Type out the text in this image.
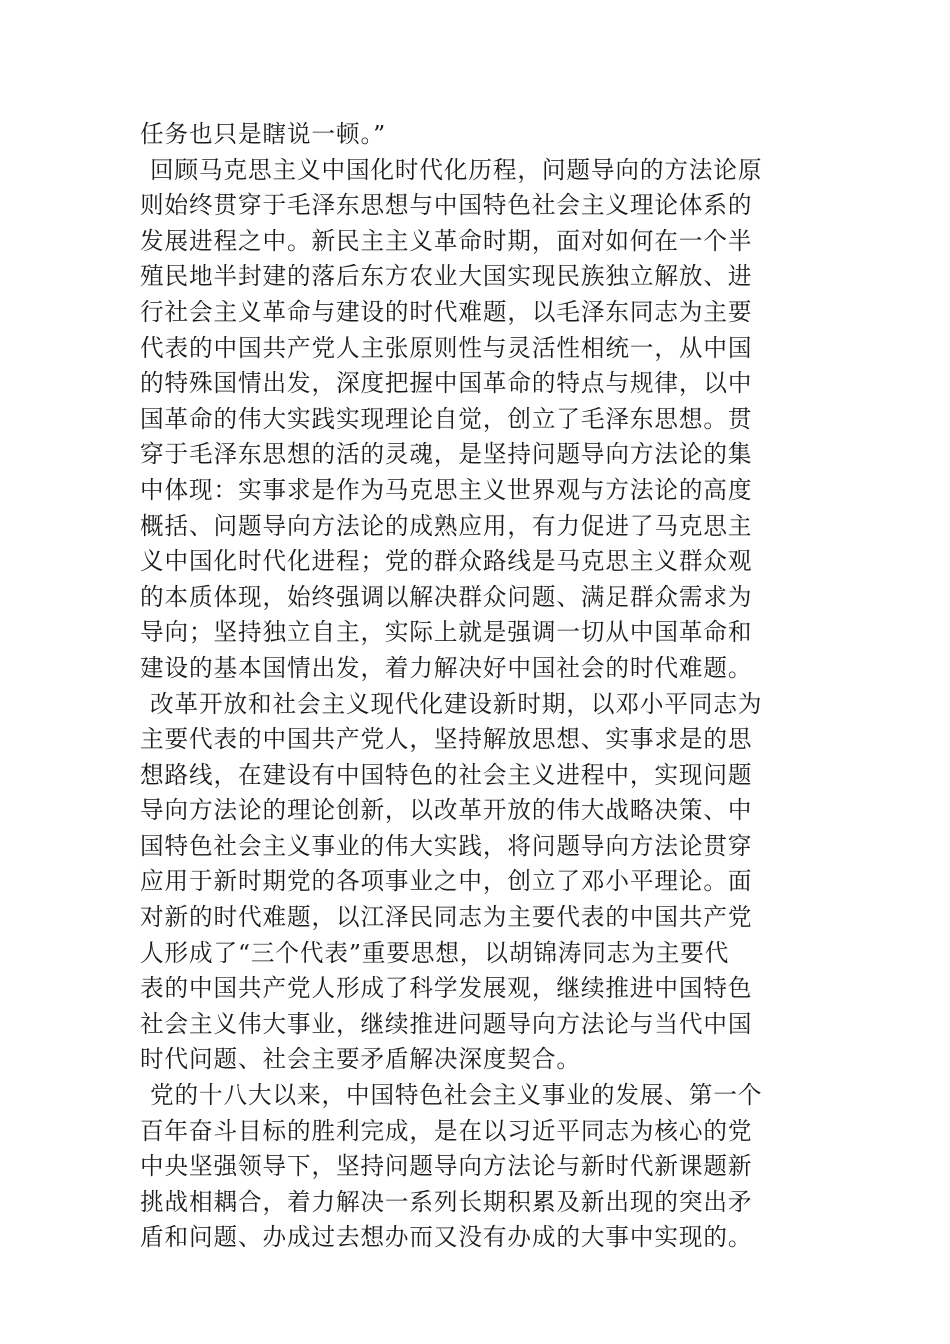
任务也只是瞎说一顿。”
回顾马克思主义中国化时代化历程，问题导向的方法论原
则始终贯穿于毛泽东思想与中国特色社会主义理论体系的
发展进程之中。新民主主义革命时期，面对如何在一个半
殖民地半封建的落后东方农业大国实现民族独立解放、进
行社会主义革命与建设的时代难题，以毛泽东同志为主要
代表的中国共产党人主张原则性与灵活性相统一，从中国
的特殊国情出发，深度把握中国革命的特点与规律，以中
国革命的伟大实践实现理论自觉，创立了毛泽东思想。贯
穿于毛泽东思想的活的灵魂，是坚持问题导向方法论的集
中体现：实事求是作为马克思主义世界观与方法论的高度
概括、问题导向方法论的成熟应用，有力促进了马克思主
义中国化时代化进程；党的群众路线是马克思主义群众观
的本质体现，始终强调以解决群众问题、满足群众需求为
导向；坚持独立自主，实际上就是强调一切从中国革命和
建设的基本国情出发，着力解决好中国社会的时代难题。
改革开放和社会主义现代化建设新时期，以邓小平同志为
主要代表的中国共产党人，坚持解放思想、实事求是的思
想路线，在建设有中国特色的社会主义进程中，实现问题
导向方法论的理论创新，以改革开放的伟大战略决策、中
国特色社会主义事业的伟大实践，将问题导向方法论贯穿
应用于新时期党的各项事业之中，创立了邓小平理论。面
对新的时代难题，以江泽民同志为主要代表的中国共产党
人形成了“三个代表”重要思想，以胡锦涛同志为主要代
表的中国共产党人形成了科学发展观，继续推进中国特色
社会主义伟大事业，继续推进问题导向方法论与当代中国
时代问题、社会主要矛盾解决深度契合。
党的十八大以来，中国特色社会主义事业的发展、第一个
百年奋斗目标的胜利完成，是在以习近平同志为核心的党
中央坚强领导下，坚持问题导向方法论与新时代新课题新
挑战相耦合，着力解决一系列长期积累及新出现的突出矛
盾和问题、办成过去想办而又没有办成的大事中实现的。
